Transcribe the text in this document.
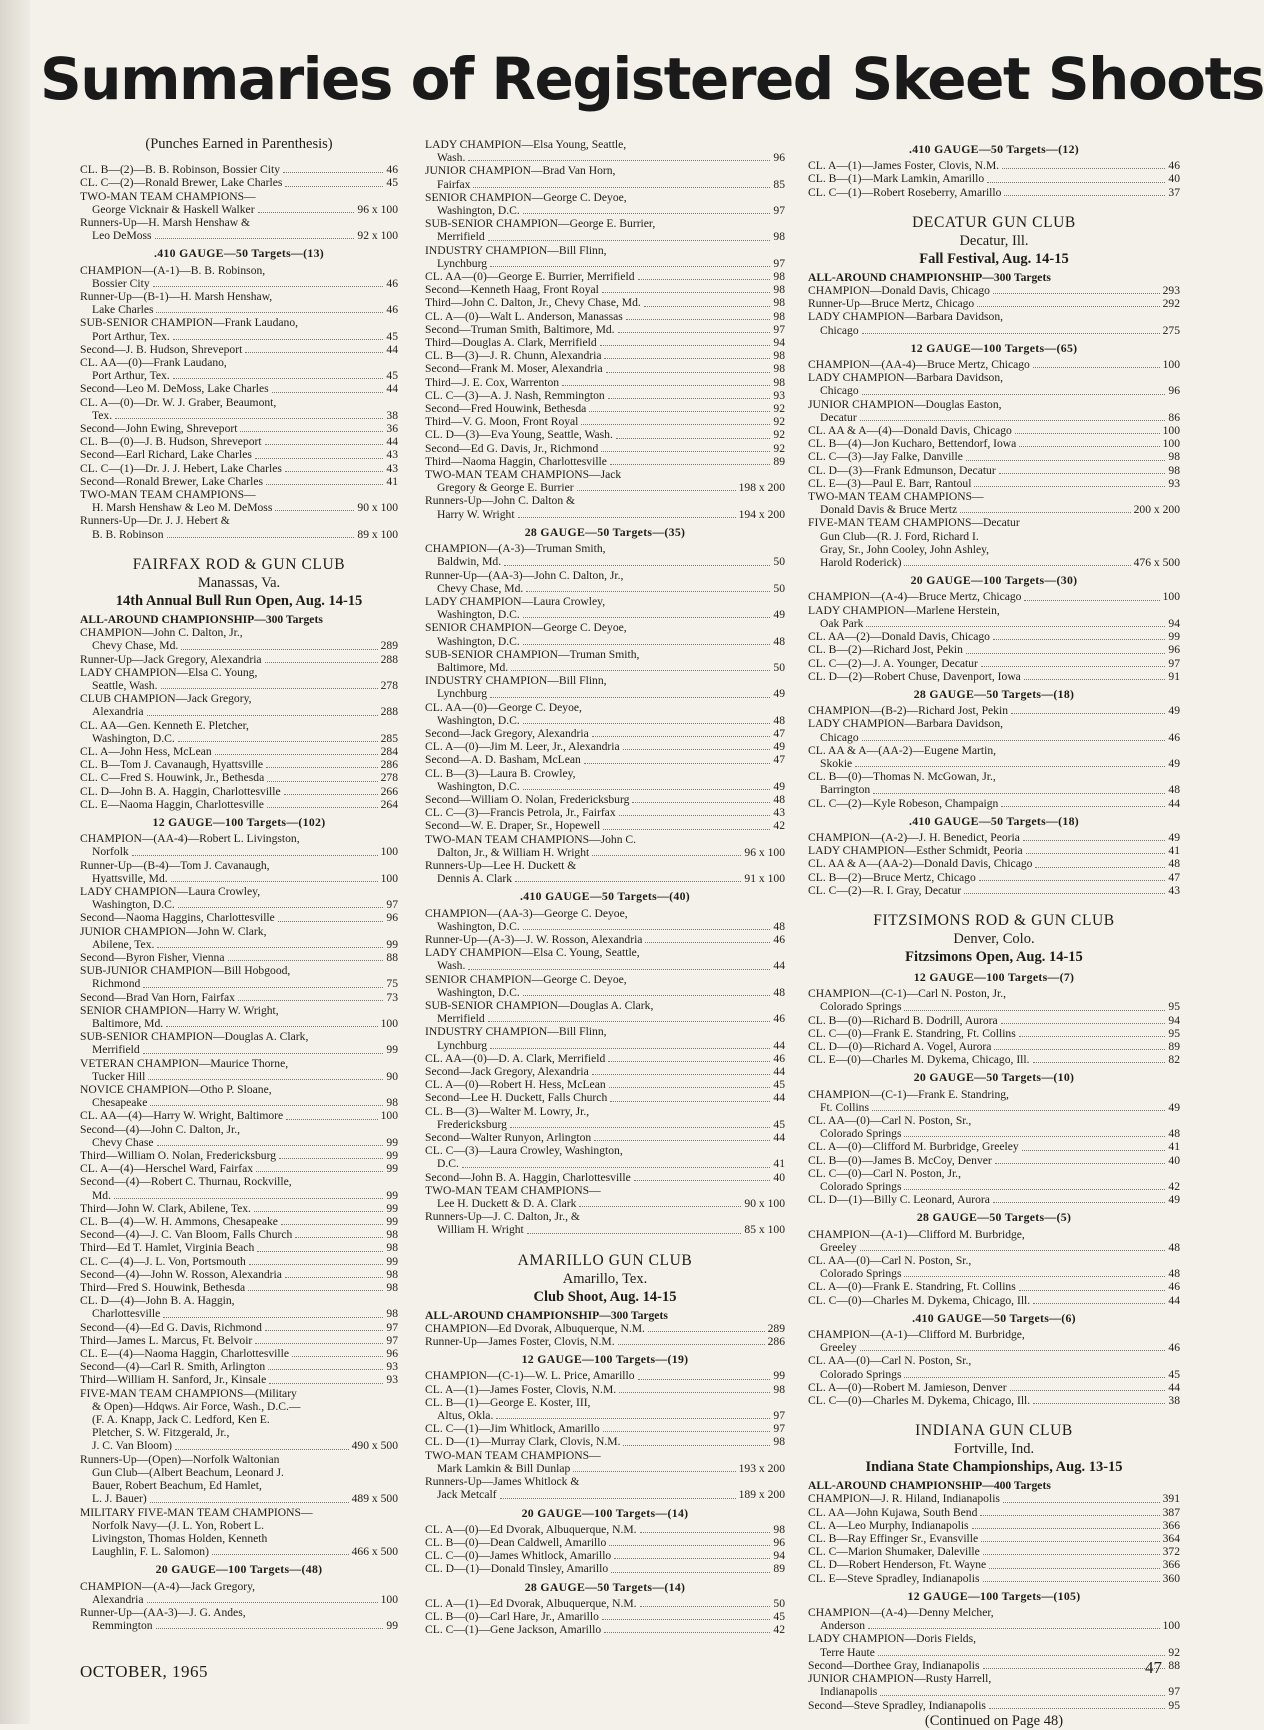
Summaries of Registered Skeet Shoots
(Punches Earned in Parenthesis)
CL. B—(2)—B. B. Robinson, Bossier City	46
CL. C—(2)—Ronald Brewer, Lake Charles	45
TWO-MAN TEAM CHAMPIONS—
George Vicknair & Haskell Walker	96 x 100
Runners-Up—H. Marsh Henshaw &
Leo DeMoss	92 x 100
.410 GAUGE—50 Targets—(13)
CHAMPION—(A-1)—B. B. Robinson,
Bossier City	46
Runner-Up—(B-1)—H. Marsh Henshaw,
Lake Charles	46
SUB-SENIOR CHAMPION—Frank Laudano,
Port Arthur, Tex.	45
Second—J. B. Hudson, Shreveport	44
CL. AA—(0)—Frank Laudano,
Port Arthur, Tex.	45
Second—Leo M. DeMoss, Lake Charles	44
CL. A—(0)—Dr. W. J. Graber, Beaumont,
Tex.	38
Second—John Ewing, Shreveport	36
CL. B—(0)—J. B. Hudson, Shreveport	44
Second—Earl Richard, Lake Charles	43
CL. C—(1)—Dr. J. J. Hebert, Lake Charles	43
Second—Ronald Brewer, Lake Charles	41
TWO-MAN TEAM CHAMPIONS—
H. Marsh Henshaw & Leo M. DeMoss	90 x 100
Runners-Up—Dr. J. J. Hebert &
B. B. Robinson	89 x 100
FAIRFAX ROD & GUN CLUB
Manassas, Va.
14th Annual Bull Run Open, Aug. 14-15
ALL-AROUND CHAMPIONSHIP—300 Targets
CHAMPION—John C. Dalton, Jr.,
Chevy Chase, Md.	289
Runner-Up—Jack Gregory, Alexandria	288
LADY CHAMPION—Elsa C. Young,
Seattle, Wash.	278
CLUB CHAMPION—Jack Gregory,
Alexandria	288
CL. AA—Gen. Kenneth E. Pletcher,
Washington, D.C.	285
CL. A—John Hess, McLean	284
CL. B—Tom J. Cavanaugh, Hyattsville	286
CL. C—Fred S. Houwink, Jr., Bethesda	278
CL. D—John B. A. Haggin, Charlottesville	266
CL. E—Naoma Haggin, Charlottesville	264
12 GAUGE—100 Targets—(102)
CHAMPION—(AA-4)—Robert L. Livingston,
Norfolk	100
Runner-Up—(B-4)—Tom J. Cavanaugh,
Hyattsville, Md.	100
LADY CHAMPION—Laura Crowley,
Washington, D.C.	97
Second—Naoma Haggins, Charlottesville	96
JUNIOR CHAMPION—John W. Clark,
Abilene, Tex.	99
Second—Byron Fisher, Vienna	88
SUB-JUNIOR CHAMPION—Bill Hobgood,
Richmond	75
Second—Brad Van Horn, Fairfax	73
SENIOR CHAMPION—Harry W. Wright,
Baltimore, Md.	100
SUB-SENIOR CHAMPION—Douglas A. Clark,
Merrifield	99
VETERAN CHAMPION—Maurice Thorne,
Tucker Hill	90
NOVICE CHAMPION—Otho P. Sloane,
Chesapeake	98
CL. AA—(4)—Harry W. Wright, Baltimore	100
Second—(4)—John C. Dalton, Jr.,
Chevy Chase	99
Third—William O. Nolan, Fredericksburg	99
CL. A—(4)—Herschel Ward, Fairfax	99
Second—(4)—Robert C. Thurnau, Rockville,
Md.	99
Third—John W. Clark, Abilene, Tex.	99
CL. B—(4)—W. H. Ammons, Chesapeake	99
Second—(4)—J. C. Van Bloom, Falls Church	98
Third—Ed T. Hamlet, Virginia Beach	98
CL. C—(4)—J. L. Von, Portsmouth	99
Second—(4)—John W. Rosson, Alexandria	98
Third—Fred S. Houwink, Bethesda	98
CL. D—(4)—John B. A. Haggin,
Charlottesville	98
Second—(4)—Ed G. Davis, Richmond	97
Third—James L. Marcus, Ft. Belvoir	97
CL. E—(4)—Naoma Haggin, Charlottesville	96
Second—(4)—Carl R. Smith, Arlington	93
Third—William H. Sanford, Jr., Kinsale	93
FIVE-MAN TEAM CHAMPIONS—(Military
& Open)—Hdqws. Air Force, Wash., D.C.—
(F. A. Knapp, Jack C. Ledford, Ken E.
Pletcher, S. W. Fitzgerald, Jr.,
J. C. Van Bloom)	490 x 500
Runners-Up—(Open)—Norfolk Waltonian
Gun Club—(Albert Beachum, Leonard J.
Bauer, Robert Beachum, Ed Hamlet,
L. J. Bauer)	489 x 500
MILITARY FIVE-MAN TEAM CHAMPIONS—
Norfolk Navy—(J. L. Yon, Robert L.
Livingston, Thomas Holden, Kenneth
Laughlin, F. L. Salomon)	466 x 500
20 GAUGE—100 Targets—(48)
CHAMPION—(A-4)—Jack Gregory,
Alexandria	100
Runner-Up—(AA-3)—J. G. Andes,
Remmington	99
LADY CHAMPION—Elsa Young, Seattle,
Wash.	96
JUNIOR CHAMPION—Brad Van Horn,
Fairfax	85
SENIOR CHAMPION—George C. Deyoe,
Washington, D.C.	97
SUB-SENIOR CHAMPION—George E. Burrier,
Merrifield	98
INDUSTRY CHAMPION—Bill Flinn,
Lynchburg	97
CL. AA—(0)—George E. Burrier, Merrifield	98
Second—Kenneth Haag, Front Royal	98
Third—John C. Dalton, Jr., Chevy Chase, Md.	98
CL. A—(0)—Walt L. Anderson, Manassas	98
Second—Truman Smith, Baltimore, Md.	97
Third—Douglas A. Clark, Merrifield	94
CL. B—(3)—J. R. Chunn, Alexandria	98
Second—Frank M. Moser, Alexandria	98
Third—J. E. Cox, Warrenton	98
CL. C—(3)—A. J. Nash, Remmington	93
Second—Fred Houwink, Bethesda	92
Third—V. G. Moon, Front Royal	92
CL. D—(3)—Eva Young, Seattle, Wash.	92
Second—Ed G. Davis, Jr., Richmond	92
Third—Naoma Haggin, Charlottesville	89
TWO-MAN TEAM CHAMPIONS—Jack
Gregory & George E. Burrier	198 x 200
Runners-Up—John C. Dalton &
Harry W. Wright	194 x 200
28 GAUGE—50 Targets—(35)
CHAMPION—(A-3)—Truman Smith,
Baldwin, Md.	50
Runner-Up—(AA-3)—John C. Dalton, Jr.,
Chevy Chase, Md.	50
LADY CHAMPION—Laura Crowley,
Washington, D.C.	49
SENIOR CHAMPION—George C. Deyoe,
Washington, D.C.	48
SUB-SENIOR CHAMPION—Truman Smith,
Baltimore, Md.	50
INDUSTRY CHAMPION—Bill Flinn,
Lynchburg	49
CL. AA—(0)—George C. Deyoe,
Washington, D.C.	48
Second—Jack Gregory, Alexandria	47
CL. A—(0)—Jim M. Leer, Jr., Alexandria	49
Second—A. D. Basham, McLean	47
CL. B—(3)—Laura B. Crowley,
Washington, D.C.	49
Second—William O. Nolan, Fredericksburg	48
CL. C—(3)—Francis Petrola, Jr., Fairfax	43
Second—W. E. Draper, Sr., Hopewell	42
TWO-MAN TEAM CHAMPIONS—John C.
Dalton, Jr., & William H. Wright	96 x 100
Runners-Up—Lee H. Duckett &
Dennis A. Clark	91 x 100
.410 GAUGE—50 Targets—(40)
CHAMPION—(AA-3)—George C. Deyoe,
Washington, D.C.	48
Runner-Up—(A-3)—J. W. Rosson, Alexandria	46
LADY CHAMPION—Elsa C. Young, Seattle,
Wash.	44
SENIOR CHAMPION—George C. Deyoe,
Washington, D.C.	48
SUB-SENIOR CHAMPION—Douglas A. Clark,
Merrifield	46
INDUSTRY CHAMPION—Bill Flinn,
Lynchburg	44
CL. AA—(0)—D. A. Clark, Merrifield	46
Second—Jack Gregory, Alexandria	44
CL. A—(0)—Robert H. Hess, McLean	45
Second—Lee H. Duckett, Falls Church	44
CL. B—(3)—Walter M. Lowry, Jr.,
Fredericksburg	45
Second—Walter Runyon, Arlington	44
CL. C—(3)—Laura Crowley, Washington,
D.C.	41
Second—John B. A. Haggin, Charlottesville	40
TWO-MAN TEAM CHAMPIONS—
Lee H. Duckett & D. A. Clark	90 x 100
Runners-Up—J. C. Dalton, Jr., &
William H. Wright	85 x 100
AMARILLO GUN CLUB
Amarillo, Tex.
Club Shoot, Aug. 14-15
ALL-AROUND CHAMPIONSHIP—300 Targets
CHAMPION—Ed Dvorak, Albuquerque, N.M.	289
Runner-Up—James Foster, Clovis, N.M.	286
12 GAUGE—100 Targets—(19)
CHAMPION—(C-1)—W. L. Price, Amarillo	99
CL. A—(1)—James Foster, Clovis, N.M.	98
CL. B—(1)—George E. Koster, III,
Altus, Okla.	97
CL. C—(1)—Jim Whitlock, Amarillo	97
CL. D—(1)—Murray Clark, Clovis, N.M.	98
TWO-MAN TEAM CHAMPIONS—
Mark Lamkin & Bill Dunlap	193 x 200
Runners-Up—James Whitlock &
Jack Metcalf	189 x 200
20 GAUGE—100 Targets—(14)
CL. A—(0)—Ed Dvorak, Albuquerque, N.M.	98
CL. B—(0)—Dean Caldwell, Amarillo	96
CL. C—(0)—James Whitlock, Amarillo	94
CL. D—(1)—Donald Tinsley, Amarillo	89
28 GAUGE—50 Targets—(14)
CL. A—(1)—Ed Dvorak, Albuquerque, N.M.	50
CL. B—(0)—Carl Hare, Jr., Amarillo	45
CL. C—(1)—Gene Jackson, Amarillo	42
.410 GAUGE—50 Targets—(12)
CL. A—(1)—James Foster, Clovis, N.M.	46
CL. B—(1)—Mark Lamkin, Amarillo	40
CL. C—(1)—Robert Roseberry, Amarillo	37
DECATUR GUN CLUB
Decatur, Ill.
Fall Festival, Aug. 14-15
ALL-AROUND CHAMPIONSHIP—300 Targets
CHAMPION—Donald Davis, Chicago	293
Runner-Up—Bruce Mertz, Chicago	292
LADY CHAMPION—Barbara Davidson,
Chicago	275
12 GAUGE—100 Targets—(65)
CHAMPION—(AA-4)—Bruce Mertz, Chicago	100
LADY CHAMPION—Barbara Davidson,
Chicago	96
JUNIOR CHAMPION—Douglas Easton,
Decatur	86
CL. AA & A—(4)—Donald Davis, Chicago	100
CL. B—(4)—Jon Kucharo, Bettendorf, Iowa	100
CL. C—(3)—Jay Falke, Danville	98
CL. D—(3)—Frank Edmunson, Decatur	98
CL. E—(3)—Paul E. Barr, Rantoul	93
TWO-MAN TEAM CHAMPIONS—
Donald Davis & Bruce Mertz	200 x 200
FIVE-MAN TEAM CHAMPIONS—Decatur
Gun Club—(R. J. Ford, Richard I.
Gray, Sr., John Cooley, John Ashley,
Harold Roderick)	476 x 500
20 GAUGE—100 Targets—(30)
CHAMPION—(A-4)—Bruce Mertz, Chicago	100
LADY CHAMPION—Marlene Herstein,
Oak Park	94
CL. AA—(2)—Donald Davis, Chicago	99
CL. B—(2)—Richard Jost, Pekin	96
CL. C—(2)—J. A. Younger, Decatur	97
CL. D—(2)—Robert Chuse, Davenport, Iowa	91
28 GAUGE—50 Targets—(18)
CHAMPION—(B-2)—Richard Jost, Pekin	49
LADY CHAMPION—Barbara Davidson,
Chicago	46
CL. AA & A—(AA-2)—Eugene Martin,
Skokie	49
CL. B—(0)—Thomas N. McGowan, Jr.,
Barrington	48
CL. C—(2)—Kyle Robeson, Champaign	44
.410 GAUGE—50 Targets—(18)
CHAMPION—(A-2)—J. H. Benedict, Peoria	49
LADY CHAMPION—Esther Schmidt, Peoria	41
CL. AA & A—(AA-2)—Donald Davis, Chicago	48
CL. B—(2)—Bruce Mertz, Chicago	47
CL. C—(2)—R. I. Gray, Decatur	43
FITZSIMONS ROD & GUN CLUB
Denver, Colo.
Fitzsimons Open, Aug. 14-15
12 GAUGE—100 Targets—(7)
CHAMPION—(C-1)—Carl N. Poston, Jr.,
Colorado Springs	95
CL. B—(0)—Richard B. Dodrill, Aurora	94
CL. C—(0)—Frank E. Standring, Ft. Collins	95
CL. D—(0)—Richard A. Vogel, Aurora	89
CL. E—(0)—Charles M. Dykema, Chicago, Ill.	82
20 GAUGE—50 Targets—(10)
CHAMPION—(C-1)—Frank E. Standring,
Ft. Collins	49
CL. AA—(0)—Carl N. Poston, Sr.,
Colorado Springs	48
CL. A—(0)—Clifford M. Burbridge, Greeley	41
CL. B—(0)—James B. McCoy, Denver	40
CL. C—(0)—Carl N. Poston, Jr.,
Colorado Springs	42
CL. D—(1)—Billy C. Leonard, Aurora	49
28 GAUGE—50 Targets—(5)
CHAMPION—(A-1)—Clifford M. Burbridge,
Greeley	48
CL. AA—(0)—Carl N. Poston, Sr.,
Colorado Springs	48
CL. A—(0)—Frank E. Standring, Ft. Collins	46
CL. C—(0)—Charles M. Dykema, Chicago, Ill.	44
.410 GAUGE—50 Targets—(6)
CHAMPION—(A-1)—Clifford M. Burbridge,
Greeley	46
CL. AA—(0)—Carl N. Poston, Sr.,
Colorado Springs	45
CL. A—(0)—Robert M. Jamieson, Denver	44
CL. C—(0)—Charles M. Dykema, Chicago, Ill.	38
INDIANA GUN CLUB
Fortville, Ind.
Indiana State Championships, Aug. 13-15
ALL-AROUND CHAMPIONSHIP—400 Targets
CHAMPION—J. R. Hiland, Indianapolis	391
CL. AA—John Kujawa, South Bend	387
CL. A—Leo Murphy, Indianapolis	366
CL. B—Ray Effinger Sr., Evansville	364
CL. C—Marion Shumaker, Daleville	372
CL. D—Robert Henderson, Ft. Wayne	366
CL. E—Steve Spradley, Indianapolis	360
12 GAUGE—100 Targets—(105)
CHAMPION—(A-4)—Denny Melcher,
Anderson	100
LADY CHAMPION—Doris Fields,
Terre Haute	92
Second—Dorthee Gray, Indianapolis	88
JUNIOR CHAMPION—Rusty Harrell,
Indianapolis	97
Second—Steve Spradley, Indianapolis	95
(Continued on Page 48)
OCTOBER, 1965	47
